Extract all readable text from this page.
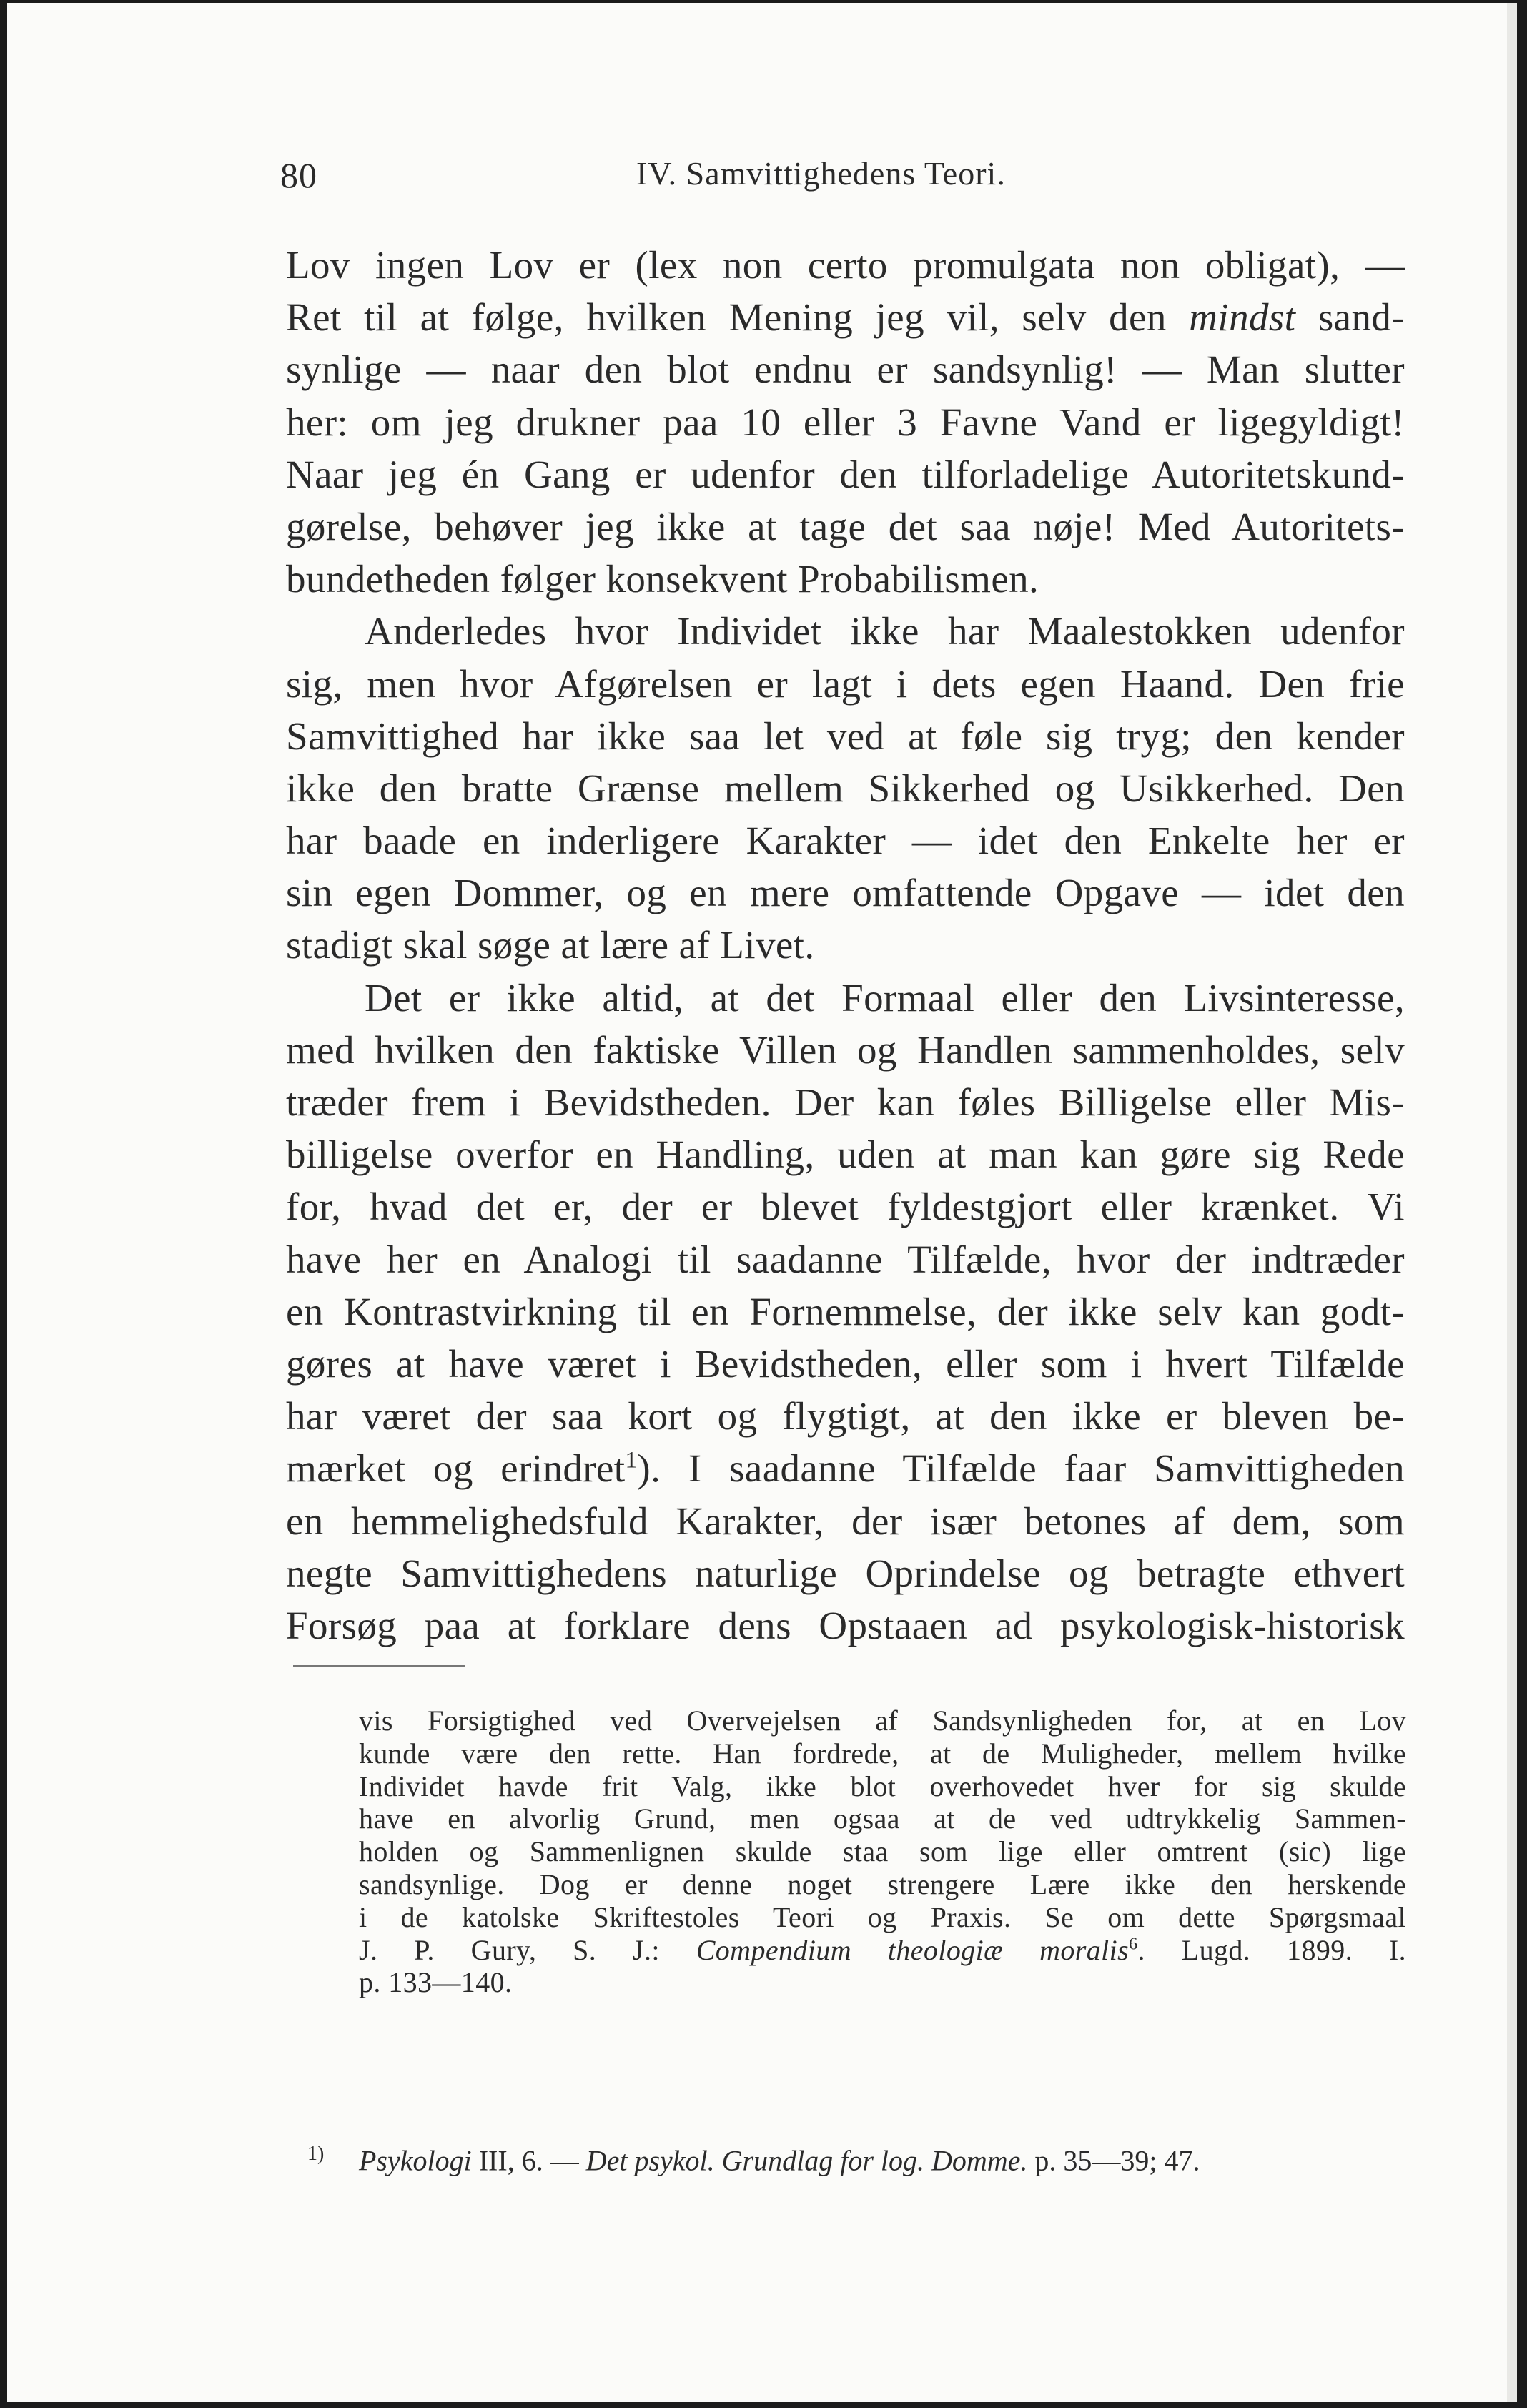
80	IV. Samvittighedens Teori.
Lov ingen Lov er (lex non certo promulgata non obligat), —
Ret til at følge, hvilken Mening jeg vil, selv den mindst sand-
synlige — naar den blot endnu er sandsynlig! — Man slutter
her: om jeg drukner paa 10 eller 3 Favne Vand er ligegyldigt!
Naar jeg én Gang er udenfor den tilforladelige Autoritetskund-
gørelse, behøver jeg ikke at tage det saa nøje! Med Autoritets-
bundetheden følger konsekvent Probabilismen.
Anderledes hvor Individet ikke har Maalestokken udenfor
sig, men hvor Afgørelsen er lagt i dets egen Haand. Den frie
Samvittighed har ikke saa let ved at føle sig tryg; den kender
ikke den bratte Grænse mellem Sikkerhed og Usikkerhed. Den
har baade en inderligere Karakter — idet den Enkelte her er
sin egen Dommer, og en mere omfattende Opgave — idet den
stadigt skal søge at lære af Livet.
Det er ikke altid, at det Formaal eller den Livsinteresse,
med hvilken den faktiske Villen og Handlen sammenholdes, selv
træder frem i Bevidstheden. Der kan føles Billigelse eller Mis-
billigelse overfor en Handling, uden at man kan gøre sig Rede
for, hvad det er, der er blevet fyldestgjort eller krænket. Vi
have her en Analogi til saadanne Tilfælde, hvor der indtræder
en Kontrastvirkning til en Fornemmelse, der ikke selv kan godt-
gøres at have været i Bevidstheden, eller som i hvert Tilfælde
har været der saa kort og flygtigt, at den ikke er bleven be-
mærket og erindret$^1$). I saadanne Tilfælde faar Samvittigheden
en hemmelighedsfuld Karakter, der især betones af dem, som
negte Samvittighedens naturlige Oprindelse og betragte ethvert
Forsøg paa at forklare dens Opstaaen ad psykologisk-historisk
vis Forsigtighed ved Overvejelsen af Sandsynligheden for, at en Lov
kunde være den rette. Han fordrede, at de Muligheder, mellem hvilke
Individet havde frit Valg, ikke blot overhovedet hver for sig skulde
have en alvorlig Grund, men ogsaa at de ved udtrykkelig Sammen-
holden og Sammenlignen skulde staa som lige eller omtrent (sic) lige
sandsynlige. Dog er denne noget strengere Lære ikke den herskende
i de katolske Skriftestoles Teori og Praxis. Se om dette Spørgsmaal
J. P. Gury, S. J.: Compendium theologiæ moralis$^6$. Lugd. 1899. I.
p. 133—140.
1) Psykologi III, 6. — Det psykol. Grundlag for log. Domme. p. 35—39; 47.
